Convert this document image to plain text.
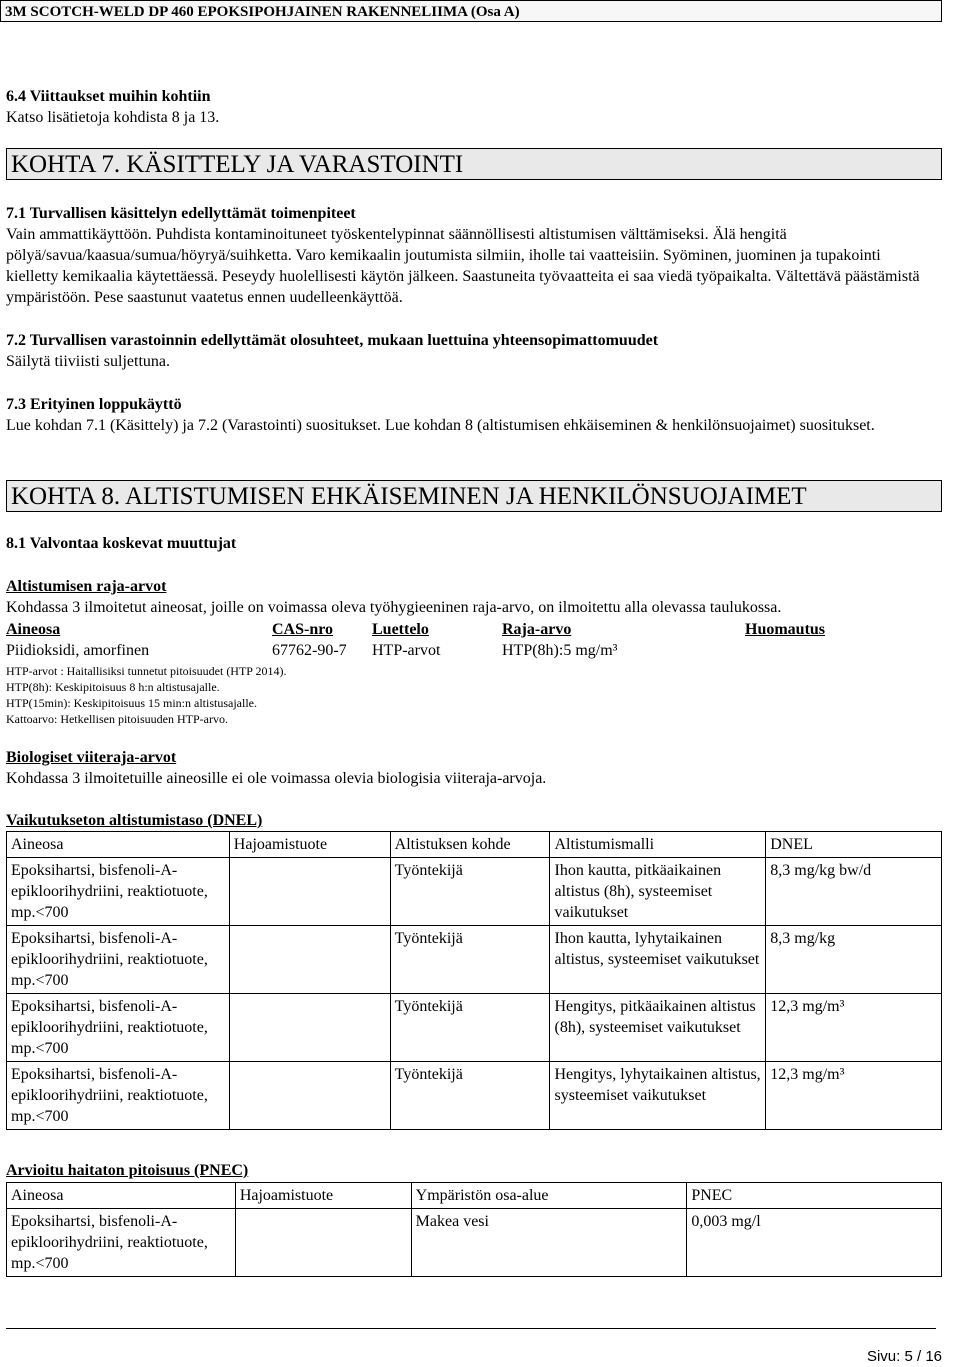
3M SCOTCH-WELD DP 460 EPOKSIPOHJAINEN RAKENNELIIMA (Osa A)
6.4 Viittaukset muihin kohtiin
Katso lisätietoja kohdista 8 ja 13.
KOHTA 7. KÄSITTELY JA VARASTOINTI
7.1 Turvallisen käsittelyn edellyttämät toimenpiteet
Vain ammattikäyttöön. Puhdista kontaminoituneet työskentelypinnat säännöllisesti altistumisen välttämiseksi. Älä hengitä pölyä/savua/kaasua/sumua/höyryä/suihketta. Varo kemikaalin joutumista silmiin, iholle tai vaatteisiin. Syöminen, juominen ja tupakointi kielletty kemikaalia käytettäessä. Peseydy huolellisesti käytön jälkeen. Saastuneita työvaatteita ei saa viedä työpaikalta. Vältettävä päästämistä ympäristöön. Pese saastunut vaatetus ennen uudelleenkäyttöä.
7.2 Turvallisen varastoinnin edellyttämät olosuhteet, mukaan luettuina yhteensopimattomuudet
Säilytä tiiviisti suljettuna.
7.3 Erityinen loppukäyttö
Lue kohdan 7.1 (Käsittely) ja 7.2 (Varastointi) suositukset. Lue kohdan 8 (altistumisen ehkäiseminen & henkilönsuojaimet) suositukset.
KOHTA 8. ALTISTUMISEN EHKÄISEMINEN JA HENKILÖNSUOJAIMET
8.1 Valvontaa koskevat muuttujat
Altistumisen raja-arvot
Kohdassa 3 ilmoitetut aineosat, joille on voimassa oleva työhygieeninen raja-arvo, on ilmoitettu alla olevassa taulukossa.
Aineosa	CAS-nro Luettelo	Raja-arvo	Huomautus
Piidioksidi, amorfinen	67762-90-7 HTP-arvot	HTP(8h):5 mg/m³
HTP-arvot : Haitallisiksi tunnetut pitoisuudet (HTP 2014).
HTP(8h): Keskipitoisuus 8 h:n altistusajalle.
HTP(15min): Keskipitoisuus 15 min:n altistusajalle.
Kattoarvo: Hetkellisen pitoisuuden HTP-arvo.
Biologiset viiteraja-arvot
Kohdassa 3 ilmoitetuille aineosille ei ole voimassa olevia biologisia viiteraja-arvoja.
Vaikutukseton altistumistaso (DNEL)
Aineosa	Hajoamistuote	Altistuksen kohde	Altistumismalli	DNEL
Epoksihartsi, bisfenoli-A-epikloorihydriini, reaktiotuote, mp.<700		Työntekijä	Ihon kautta, pitkäaikainen altistus (8h), systeemiset vaikutukset	8,3 mg/kg bw/d
Epoksihartsi, bisfenoli-A-epikloorihydriini, reaktiotuote, mp.<700		Työntekijä	Ihon kautta, lyhytaikainen altistus, systeemiset vaikutukset	8,3 mg/kg
Epoksihartsi, bisfenoli-A-epikloorihydriini, reaktiotuote, mp.<700		Työntekijä	Hengitys, pitkäaikainen altistus (8h), systeemiset vaikutukset	12,3 mg/m³
Epoksihartsi, bisfenoli-A-epikloorihydriini, reaktiotuote, mp.<700		Työntekijä	Hengitys, lyhytaikainen altistus, systeemiset vaikutukset	12,3 mg/m³
Arvioitu haitaton pitoisuus (PNEC)
Aineosa	Hajoamistuote	Ympäristön osa-alue	PNEC
Epoksihartsi, bisfenoli-A-epikloorihydriini, reaktiotuote, mp.<700		Makea vesi	0,003 mg/l
Sivu: 5 / 16
